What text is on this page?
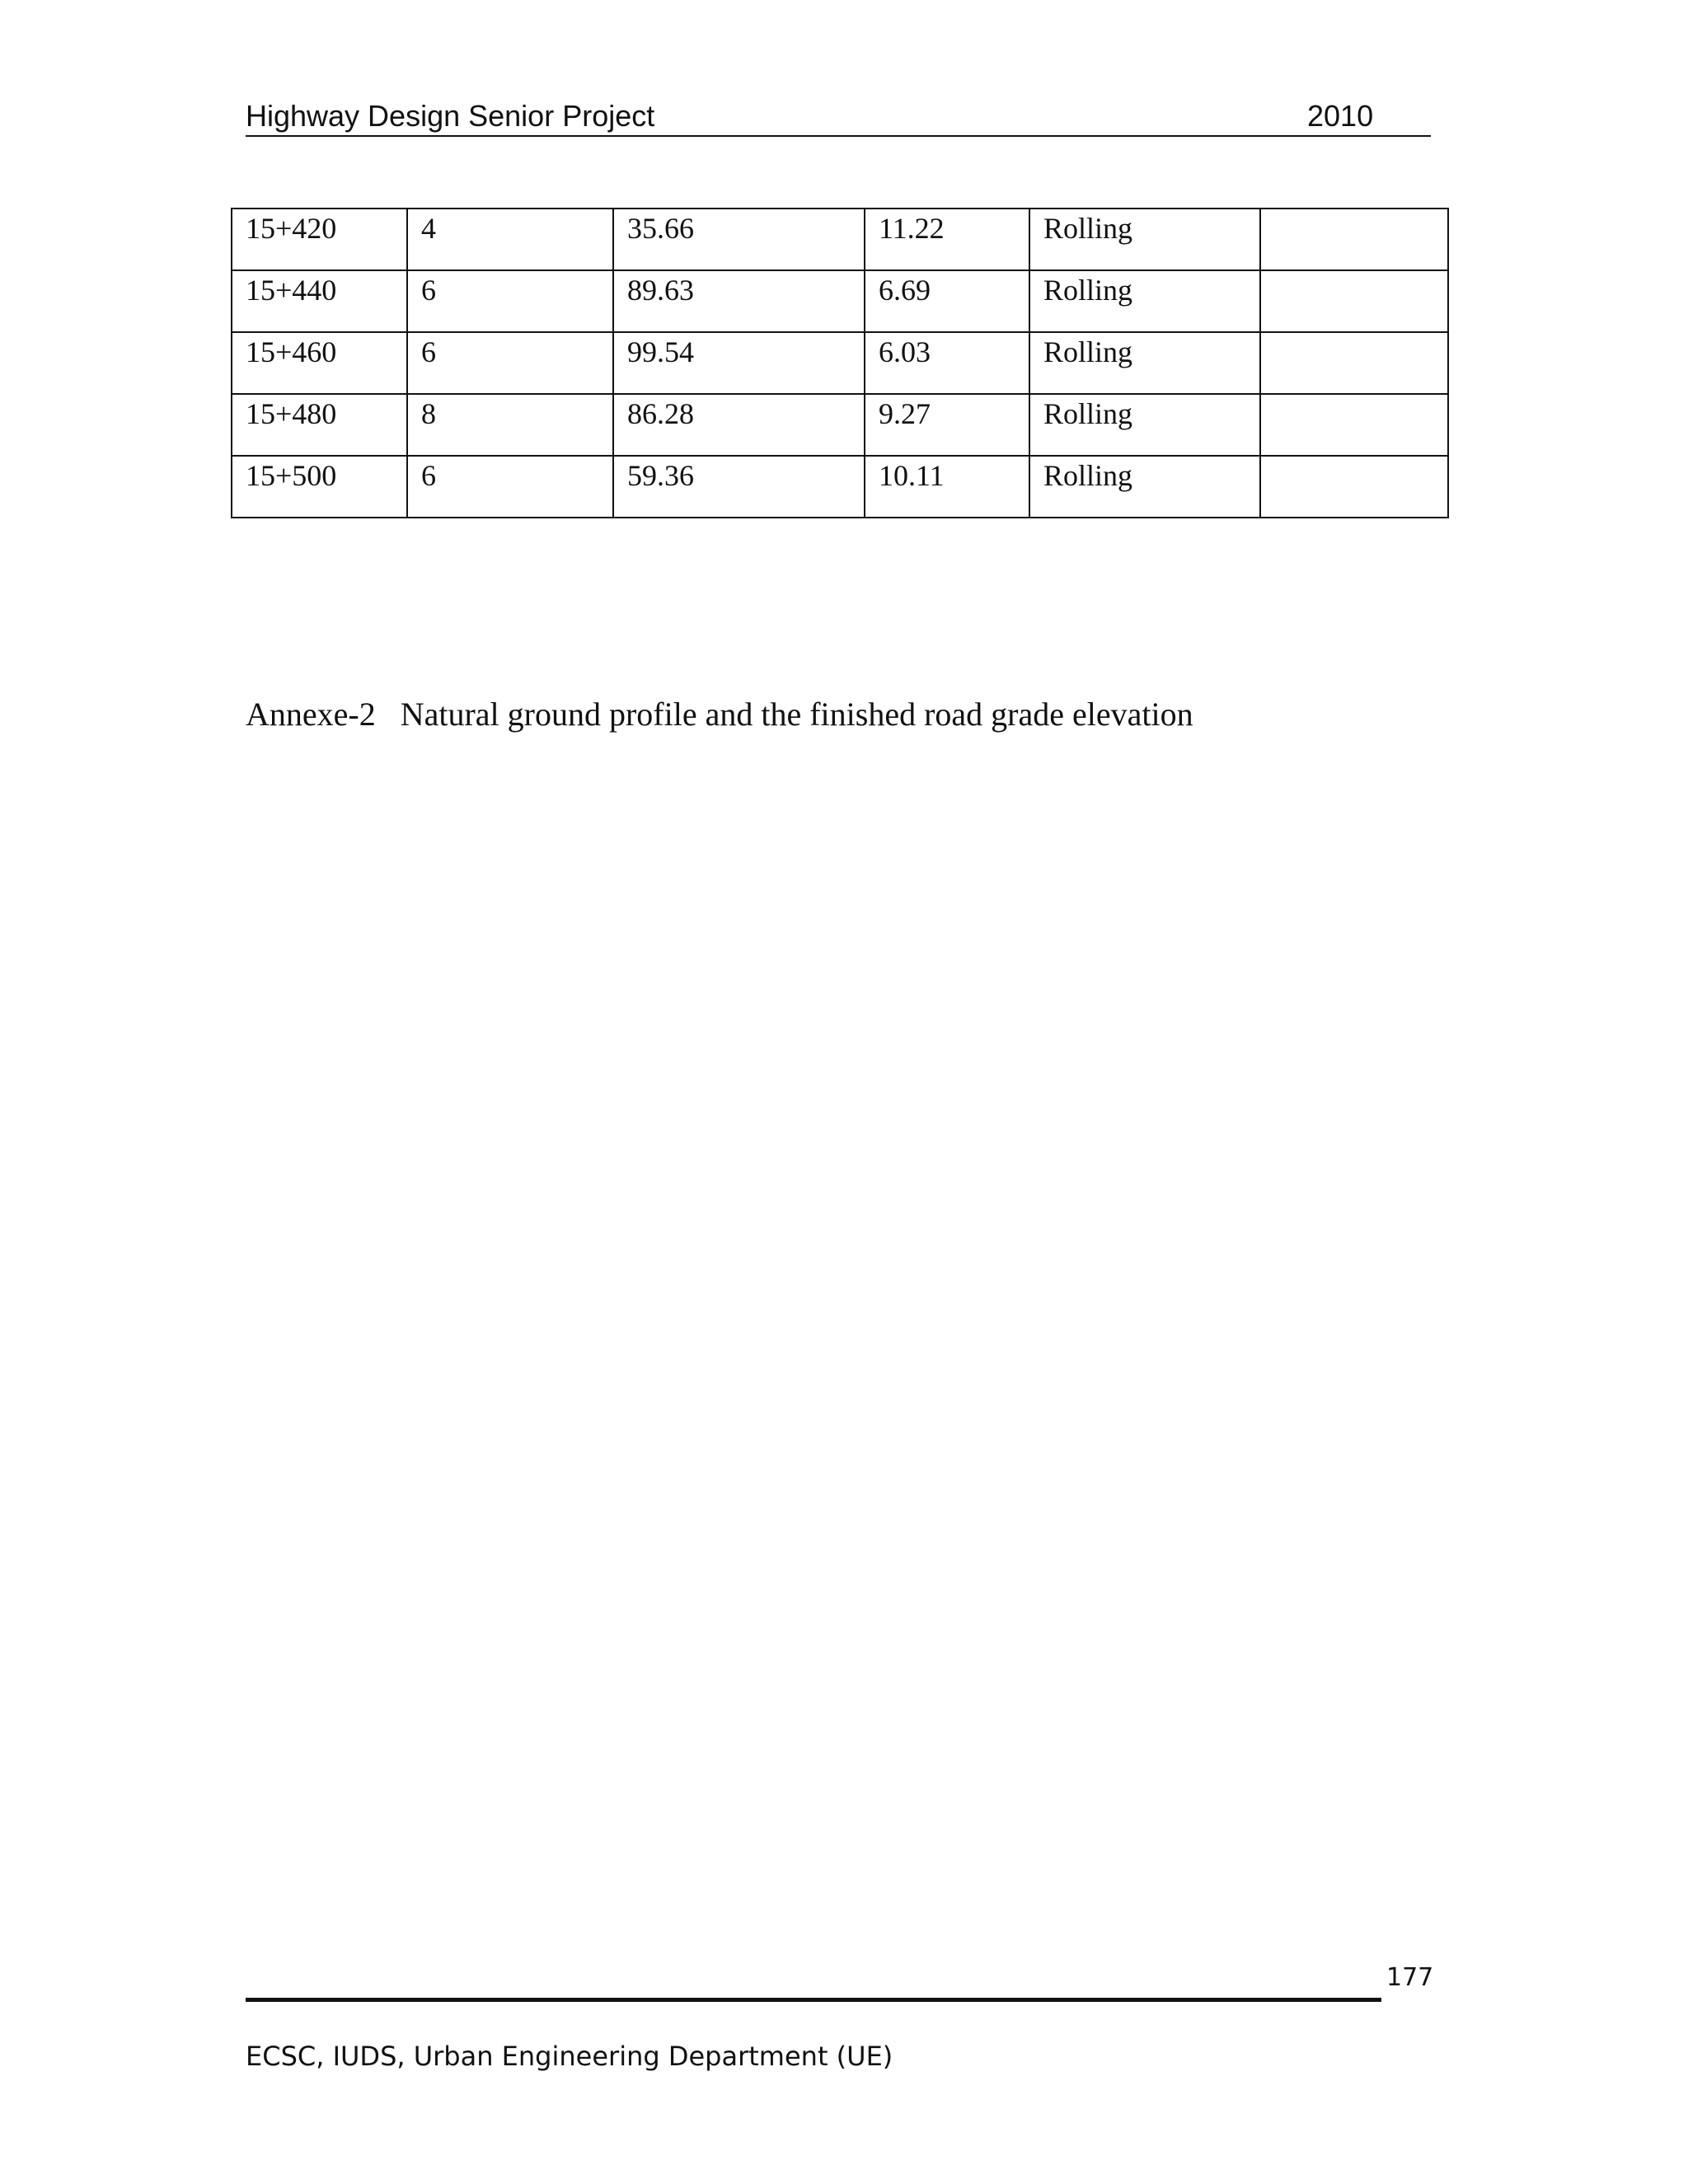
Highway Design Senior Project	2010
15+420	4	35.66	11.22	Rolling	
15+440	6	89.63	6.69	Rolling	
15+460	6	99.54	6.03	Rolling	
15+480	8	86.28	9.27	Rolling	
15+500	6	59.36	10.11	Rolling	
Annexe-2 Natural ground profile and the finished road grade elevation
177
ECSC, IUDS, Urban Engineering Department (UE)
